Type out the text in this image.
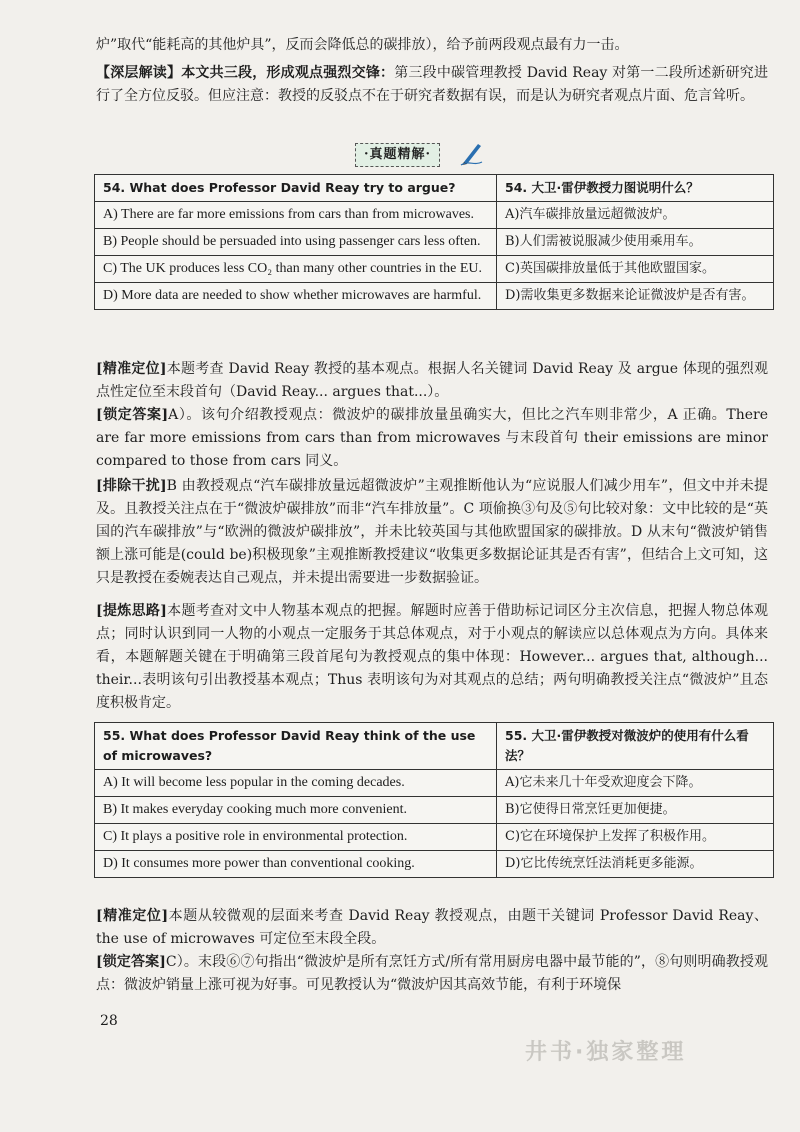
炉”取代“能耗高的其他炉具”，反而会降低总的碳排放），给予前两段观点最有力一击。

【深层解读】本文共三段，形成观点强烈交锋：第三段中碳管理教授 David Reay 对第一二段所述新研究进行了全方位反驳。但应注意：教授的反驳点不在于研究者数据有误，而是认为研究者观点片面、危言耸听。

·真题精解·
54. What does Professor David Reay try to argue?	54. 大卫·雷伊教授力图说明什么？
A) There are far more emissions from cars than from microwaves.	A)汽车碳排放量远超微波炉。
B) People should be persuaded into using passenger cars less often.	B)人们需被说服减少使用乘用车。
C) The UK produces less CO₂ than many other countries in the EU.	C)英国碳排放量低于其他欧盟国家。
D) More data are needed to show whether microwaves are harmful.	D)需收集更多数据来论证微波炉是否有害。

[精准定位]本题考查 David Reay 教授的基本观点。根据人名关键词 David Reay 及 argue 体现的强烈观点性定位至末段首句（David Reay... argues that...）。

[锁定答案]A）。该句介绍教授观点：微波炉的碳排放量虽确实大，但比之汽车则非常少，A 正确。There are far more emissions from cars than from microwaves 与末段首句 their emissions are minor compared to those from cars 同义。

[排除干扰]B 由教授观点“汽车碳排放量远超微波炉”主观推断他认为“应说服人们减少用车”，但文中并未提及。且教授关注点在于“微波炉碳排放”而非“汽车排放量”。C 项偷换③句及⑤句比较对象：文中比较的是“英国的汽车碳排放”与“欧洲的微波炉碳排放”，并未比较英国与其他欧盟国家的碳排放。D 从末句“微波炉销售额上涨可能是(could be)积极现象”主观推断教授建议“收集更多数据论证其是否有害”，但结合上文可知，这只是教授在委婉表达自己观点，并未提出需要进一步数据验证。

[提炼思路]本题考查对文中人物基本观点的把握。解题时应善于借助标记词区分主次信息，把握人物总体观点；同时认识到同一人物的小观点一定服务于其总体观点，对于小观点的解读应以总体观点为方向。具体来看，本题解题关键在于明确第三段首尾句为教授观点的集中体现：However... argues that, although... their...表明该句引出教授基本观点；Thus 表明该句为对其观点的总结；两句明确教授关注点“微波炉”且态度积极肯定。

55. What does Professor David Reay think of the use of microwaves?	55. 大卫·雷伊教授对微波炉的使用有什么看法？
A) It will become less popular in the coming decades.	A)它未来几十年受欢迎度会下降。
B) It makes everyday cooking much more convenient.	B)它使得日常烹饪更加便捷。
C) It plays a positive role in environmental protection.	C)它在环境保护上发挥了积极作用。
D) It consumes more power than conventional cooking.	D)它比传统烹饪法消耗更多能源。

[精准定位]本题从较微观的层面来考查 David Reay 教授观点，由题干关键词 Professor David Reay、the use of microwaves 可定位至末段全段。

[锁定答案]C）。末段⑥⑦句指出“微波炉是所有烹饪方式/所有常用厨房电器中最节能的”，⑧句则明确教授观点：微波炉销量上涨可视为好事。可见教授认为“微波炉因其高效节能，有利于环境保

28
井书·独家整理
